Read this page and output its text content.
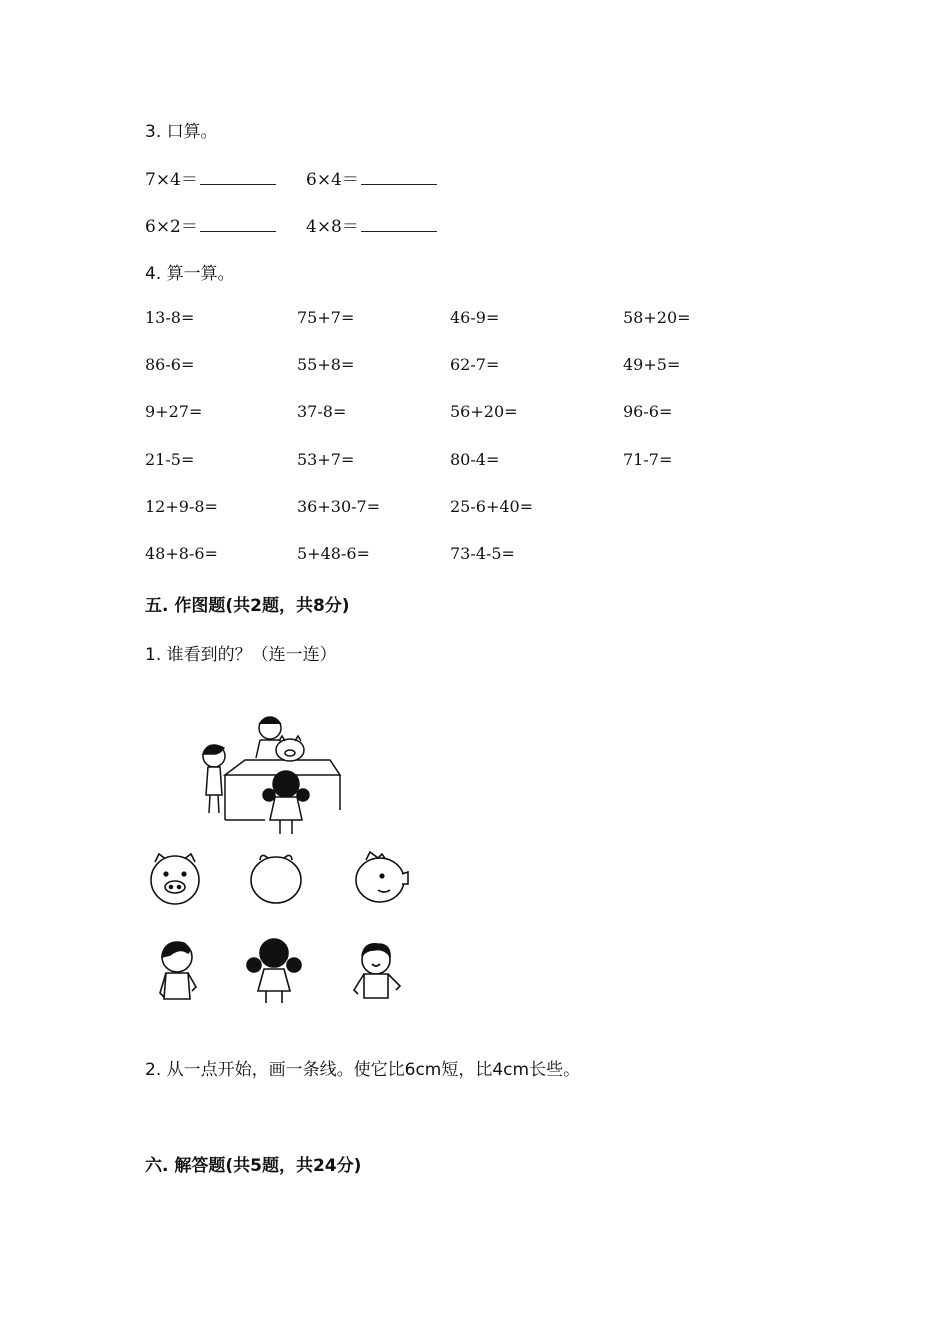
3. 口算。
7×4＝	6×4＝
6×2＝	4×8＝
4. 算一算。
13-8=	75+7=	46-9=	58+20=
86-6=	55+8=	62-7=	49+5=
9+27=	37-8=	56+20=	96-6=
21-5=	53+7=	80-4=	71-7=
12+9-8=	36+30-7=	25-6+40=
48+8-6=	5+48-6=	73-4-5=
五. 作图题(共2题，共8分)
1. 谁看到的？（连一连）
2. 从一点开始，画一条线。使它比6cm短，比4cm长些。
六. 解答题(共5题，共24分)
